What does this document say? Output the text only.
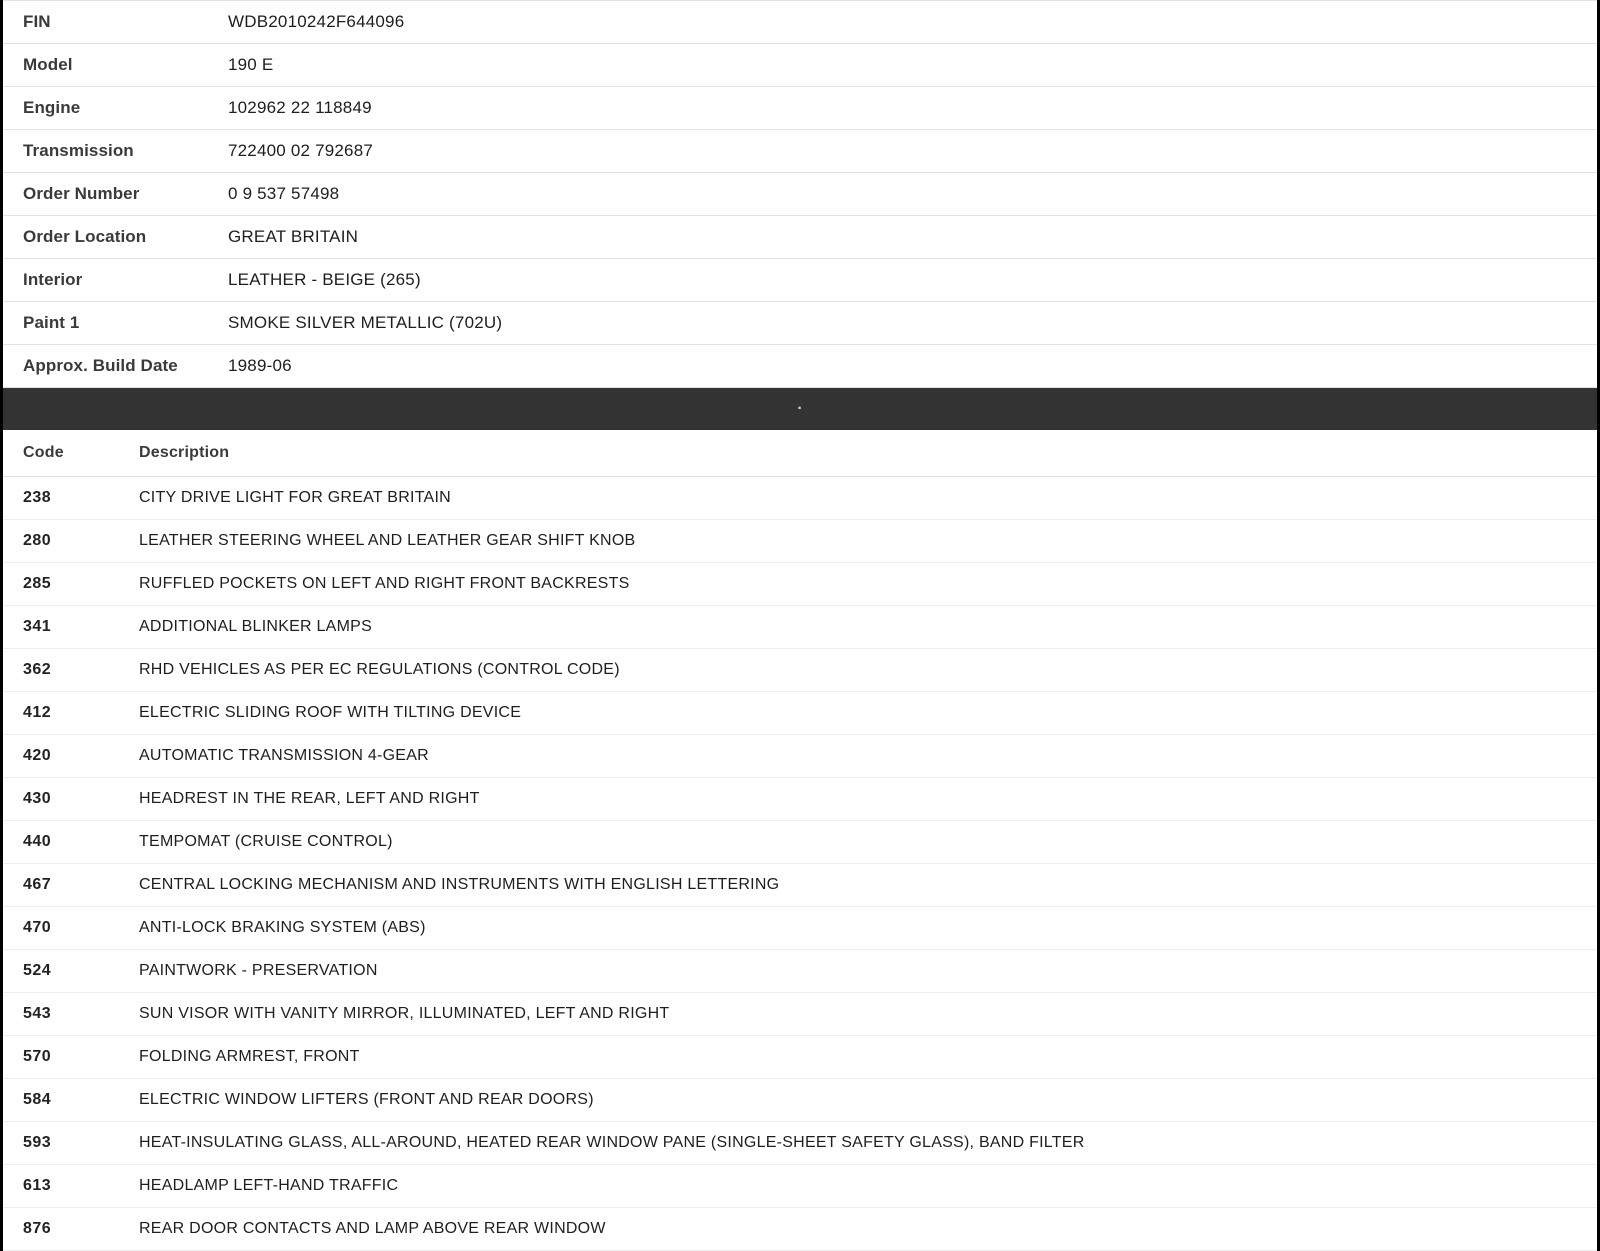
FIN	WDB2010242F644096
Model	190 E
Engine	102962 22 118849
Transmission	722400 02 792687
Order Number	0 9 537 57498
Order Location	GREAT BRITAIN
Interior	LEATHER - BEIGE (265)
Paint 1	SMOKE SILVER METALLIC (702U)
Approx. Build Date	1989-06
·
Code	Description
238	CITY DRIVE LIGHT FOR GREAT BRITAIN
280	LEATHER STEERING WHEEL AND LEATHER GEAR SHIFT KNOB
285	RUFFLED POCKETS ON LEFT AND RIGHT FRONT BACKRESTS
341	ADDITIONAL BLINKER LAMPS
362	RHD VEHICLES AS PER EC REGULATIONS (CONTROL CODE)
412	ELECTRIC SLIDING ROOF WITH TILTING DEVICE
420	AUTOMATIC TRANSMISSION 4-GEAR
430	HEADREST IN THE REAR, LEFT AND RIGHT
440	TEMPOMAT (CRUISE CONTROL)
467	CENTRAL LOCKING MECHANISM AND INSTRUMENTS WITH ENGLISH LETTERING
470	ANTI-LOCK BRAKING SYSTEM (ABS)
524	PAINTWORK - PRESERVATION
543	SUN VISOR WITH VANITY MIRROR, ILLUMINATED, LEFT AND RIGHT
570	FOLDING ARMREST, FRONT
584	ELECTRIC WINDOW LIFTERS (FRONT AND REAR DOORS)
593	HEAT-INSULATING GLASS, ALL-AROUND, HEATED REAR WINDOW PANE (SINGLE-SHEET SAFETY GLASS), BAND FILTER
613	HEADLAMP LEFT-HAND TRAFFIC
876	REAR DOOR CONTACTS AND LAMP ABOVE REAR WINDOW
